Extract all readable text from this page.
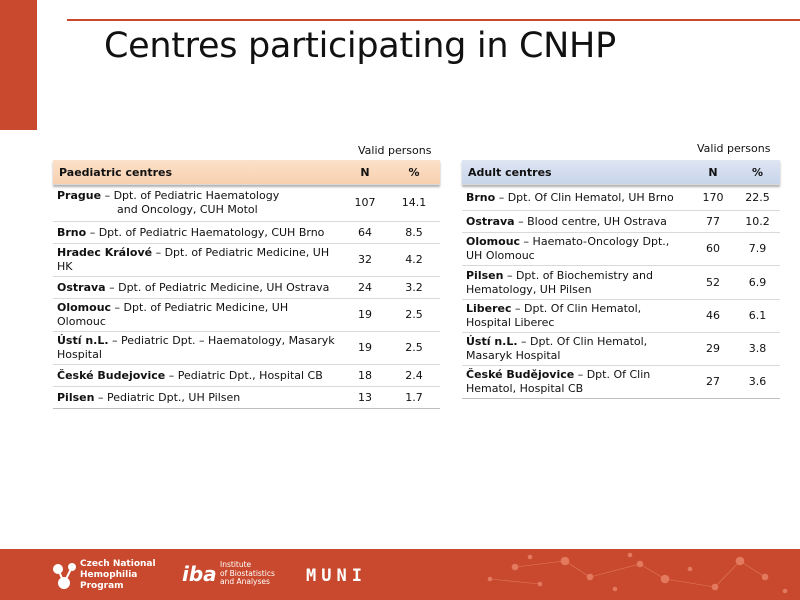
Centres participating in CNHP
Valid persons
Paediatric centres	N	%
Prague – Dpt. of Pediatric Haematology
and Oncology, CUH Motol	107	14.1
Brno – Dpt. of Pediatric Haematology, CUH Brno	64	8.5
Hradec Králové – Dpt. of Pediatric Medicine, UH HK	32	4.2
Ostrava – Dpt. of Pediatric Medicine, UH Ostrava	24	3.2
Olomouc – Dpt. of Pediatric Medicine, UH Olomouc	19	2.5
Ústí n.L. – Pediatric Dpt. – Haematology, Masaryk Hospital	19	2.5
České Budejovice – Pediatric Dpt., Hospital CB	18	2.4
Pilsen – Pediatric Dpt., UH Pilsen	13	1.7
Valid persons
Adult centres	N	%
Brno – Dpt. Of Clin Hematol, UH Brno	170	22.5
Ostrava – Blood centre, UH Ostrava	77	10.2
Olomouc – Haemato-Oncology Dpt., UH Olomouc	60	7.9
Pilsen – Dpt. of Biochemistry and Hematology, UH Pilsen	52	6.9
Liberec – Dpt. Of Clin Hematol, Hospital Liberec	46	6.1
Ústí n.L. – Dpt. Of Clin Hematol, Masaryk Hospital	29	3.8
České Budějovice – Dpt. Of Clin Hematol, Hospital CB	27	3.6
Czech National
Hemophilia
Program	iba Institute
of Biostatistics
and Analyses MUNI
